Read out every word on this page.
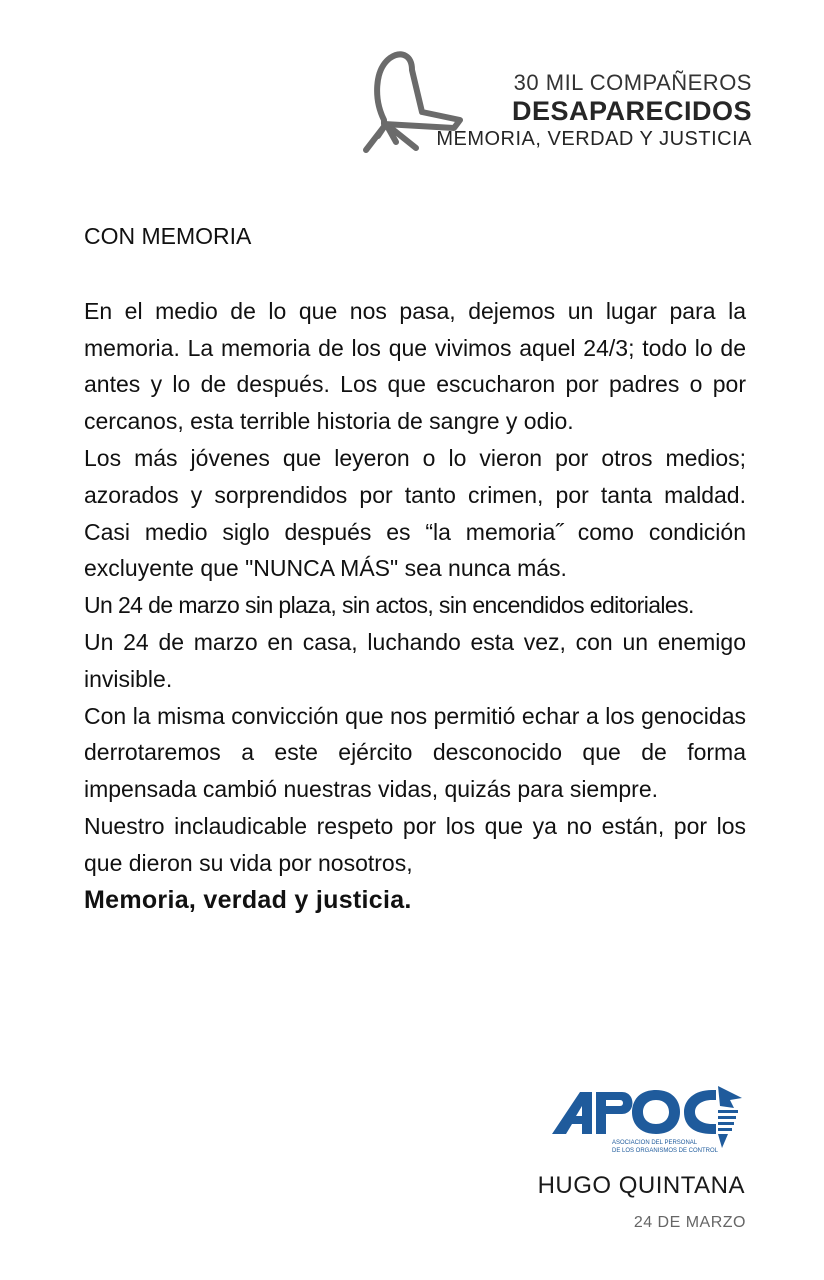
30 MIL COMPAÑEROS
DESAPARECIDOS
MEMORIA, VERDAD Y JUSTICIA
CON MEMORIA

En el medio de lo que nos pasa, dejemos un lugar para la memoria. La memoria de los que vivimos aquel 24/3; todo lo de antes y lo de después. Los que escucharon por padres o por cercanos, esta terrible historia de sangre y odio.

Los más jóvenes que leyeron o lo vieron por otros medios; azorados y sorprendidos por tanto crimen, por tanta maldad. Casi medio siglo después es “la memoria˝ como condición excluyente que "NUNCA MÁS" sea nunca más.

Un 24 de marzo sin plaza, sin actos, sin encendidos editoriales.

Un 24 de marzo en casa, luchando esta vez, con un enemigo invisible.

Con la misma convicción que nos permitió echar a los genocidas derrotaremos a este ejército desconocido que de forma impensada cambió nuestras vidas, quizás para siempre.

Nuestro inclaudicable respeto por los que ya no están, por los que dieron su vida por nosotros,

Memoria, verdad y justicia.

APOC
ASOCIACION DEL PERSONAL
DE LOS ORGANISMOS DE CONTROL
HUGO QUINTANA
24 DE MARZO
